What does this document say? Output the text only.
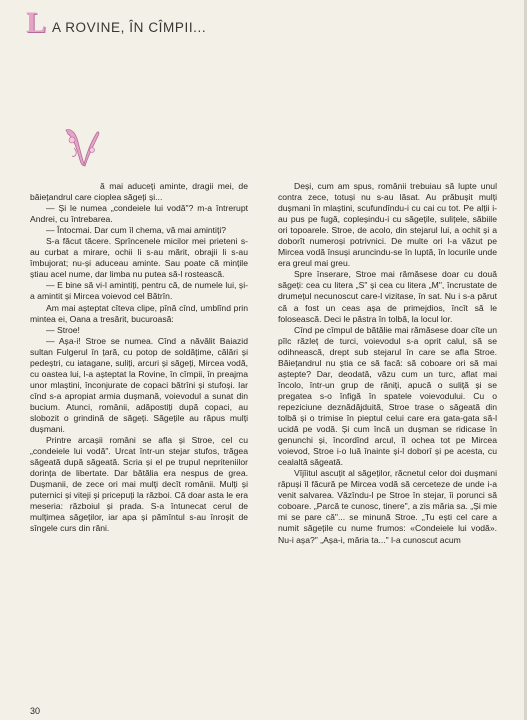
L A ROVINE, ÎN CÎMPII...

ă mai aduceți aminte, dragii mei, de băiețandrul care cioplea săgeți și...

— Și le numea „condeiele lui vodă"? m-a întrerupt Andrei, cu întrebarea.

— Întocmai. Dar cum îl chema, vă mai amintiți?

S-a făcut tăcere. Sprîncenele micilor mei prieteni s-au curbat a mirare, ochii li s-au mărit, obrajii li s-au îmbujorat; nu-și aduceau aminte. Sau poate că mințile știau acel nume, dar limba nu putea să-l rostească.

— E bine să vi-l amintiți, pentru că, de numele lui, și-a amintit și Mircea voievod cel Bătrîn.

Am mai așteptat cîteva clipe, pînă cînd, umblînd prin mintea ei, Oana a tresărit, bucuroasă:

— Stroe!

— Așa-i! Stroe se numea. Cînd a năvălit Baiazid sultan Fulgerul în țară, cu potop de soldățime, călări și pedeștri, cu iatagane, suliți, arcuri și săgeți, Mircea vodă, cu oastea lui, l-a așteptat la Rovine, în cîmpii, în preajma unor mlaștini, înconjurate de copaci bătrîni și stufoși. Iar cînd s-a apropiat armia dușmană, voievodul a sunat din bucium. Atunci, românii, adăpostiți după copaci, au slobozit o grindină de săgeți. Săgețile au răpus mulți dușmani.

Printre arcașii români se afla și Stroe, cel cu „condeiele lui vodă". Urcat într-un stejar stufos, trăgea săgeată după săgeată. Scria și el pe trupul nepriteniilor dorința de libertate. Dar bătălia era nespus de grea. Dușmanii, de zece ori mai mulți decît românii. Mulți și puternici și viteji și pricepuți la război. Că doar asta le era meseria: războiul și prada. S-a întunecat cerul de mulțimea săgeților, iar apa și pămîntul s-au înroșit de sîngele curs din răni.

Deși, cum am spus, românii trebuiau să lupte unul contra zece, totuși nu s-au lăsat. Au prăbușit mulți dușmani în mlaștini, scufundîndu-i cu cai cu tot. Pe alții i-au pus pe fugă, copleșindu-i cu săgețile, sulițele, săbiile ori topoarele. Stroe, de acolo, din stejarul lui, a ochit și a doborît numeroși potrivnici. De multe ori l-a văzut pe Mircea vodă însuși aruncindu-se în luptă, în locurile unde era greul mai greu.

Spre înserare, Stroe mai rămăsese doar cu două săgeți: cea cu litera „S" și cea cu litera „M", încrustate de drumețul necunoscut care-l vizitase, în sat. Nu i s-a părut că a fost un ceas așa de primejdios, încît să le folosească. Deci le păstra în tolbă, la locul lor.

Cînd pe cîmpul de bătălie mai rămăsese doar cîte un pîlc răzleț de turci, voievodul s-a oprit calul, să se odihnească, drept sub stejarul în care se afla Stroe. Băiețandrul nu știa ce să facă: să coboare ori să mai aștepte? Dar, deodată, văzu cum un turc, aflat mai încolo, într-un grup de răniți, apucă o suliță și se pregatea s-o înfigă în spatele voievodului. Cu o repeziciune deznădăjduită, Stroe trase o săgeată din tolbă și o trimise în pieptul celui care era gata-gata să-l ucidă pe vodă. Și cum încă un dușman se ridicase în genunchi și, încordînd arcul, îl ochea tot pe Mircea voievod, Stroe i-o luă înainte și-l doborî și pe acesta, cu cealaltă săgeată.

Vîjîitul ascuțit al săgeților, răcnetul celor doi dușmani răpuși îl făcură pe Mircea vodă să cerceteze de unde i-a venit salvarea. Văzîndu-l pe Stroe în stejar, îi porunci să coboare. „Parcă te cunosc, tinere", a zis măria sa. „Și mie mi se pare că"... se minună Stroe. „Tu ești cel care a numit săgețile cu nume frumos: «Condeiele lui vodă». Nu-i așa?" „Așa-i, măria ta..." l-a cunoscut acum

30
